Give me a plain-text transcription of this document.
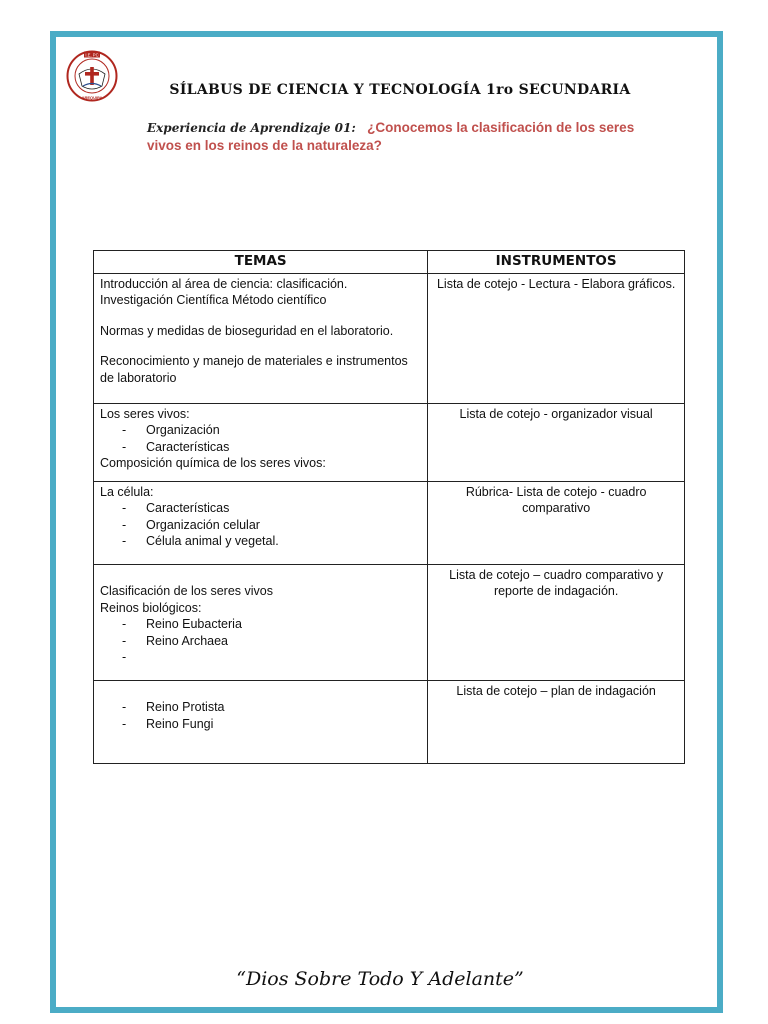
I.E. PC
AREQUIPA	SÍLABUS DE CIENCIA Y TECNOLOGÍA 1ro SECUNDARIA
Experiencia de Aprendizaje 01: ¿Conocemos la clasificación de los seres vivos en los reinos de la naturaleza?
TEMAS	INSTRUMENTOS

Introducción al área de ciencia: clasificación.
Investigación Científica Método científico
Normas y medidas de bioseguridad en el laboratorio.
Reconocimiento y manejo de materiales e instrumentos
de laboratorio	Lista de cotejo - Lectura - Elabora gráficos.

Los seres vivos:
- Organización
- Características
Composición química de los seres vivos:	Lista de cotejo - organizador visual

La célula:
- Características
- Organización celular
- Célula animal y vegetal.	Rúbrica- Lista de cotejo - cuadro comparativo

Clasificación de los seres vivos
Reinos biológicos:
- Reino Eubacteria
- Reino Archaea
-	Lista de cotejo – cuadro comparativo y reporte de indagación.

- Reino Protista
- Reino Fungi	Lista de cotejo – plan de indagación
“Dios Sobre Todo Y Adelante”
